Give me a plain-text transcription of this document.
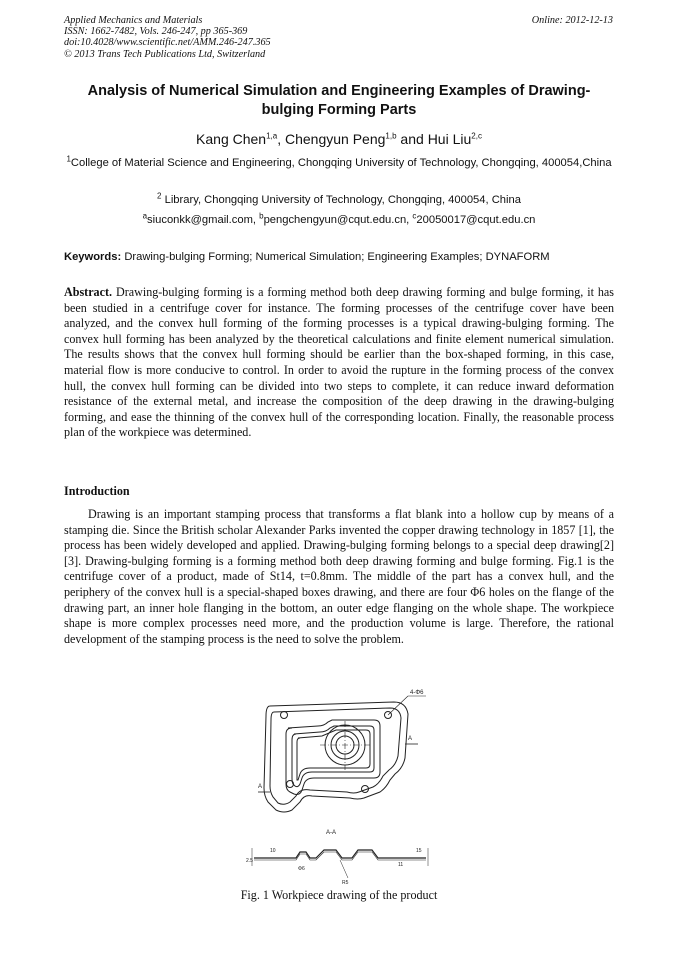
Applied Mechanics and Materials
ISSN: 1662-7482, Vols. 246-247, pp 365-369
doi:10.4028/www.scientific.net/AMM.246-247.365
© 2013 Trans Tech Publications Ltd, Switzerland
Online: 2012-12-13
Analysis of Numerical Simulation and Engineering Examples of Drawing-bulging Forming Parts
Kang Chen$^{1,a}$, Chengyun Peng$^{1,b}$ and Hui Liu$^{2,c}$
$^1$College of Material Science and Engineering, Chongqing University of Technology, Chongqing, 400054,China
$^2$ Library, Chongqing University of Technology, Chongqing, 400054, China
$^a$siuconkk@gmail.com, $^b$pengchengyun@cqut.edu.cn, $^c$20050017@cqut.edu.cn
Keywords: Drawing-bulging Forming; Numerical Simulation; Engineering Examples; DYNAFORM
Abstract. Drawing-bulging forming is a forming method both deep drawing forming and bulge forming, it has been studied in a centrifuge cover for instance. The forming processes of the centrifuge cover have been analyzed, and the convex hull forming of the forming processes is a typical drawing-bulging forming. The convex hull forming has been analyzed by the theoretical calculations and finite element numerical simulation. The results shows that the convex hull forming should be earlier than the box-shaped forming, in this case, material flow is more conducive to control. In order to avoid the rupture in the forming process of the convex hull, the convex hull forming can be divided into two steps to complete, it can reduce inward deformation resistance of the external metal, and increase the composition of the deep drawing in the drawing-bulging forming, and ease the thinning of the convex hull of the corresponding location. Finally, the reasonable process plan of the workpiece was determined.
Introduction
Drawing is an important stamping process that transforms a flat blank into a hollow cup by means of a stamping die. Since the British scholar Alexander Parks invented the copper drawing technology in 1857 [1], the process has been widely developed and applied. Drawing-bulging forming belongs to a special deep drawing[2][3]. Drawing-bulging forming is a forming method both deep drawing forming and bulge forming. Fig.1 is the centrifuge cover of a product, made of St14, t=0.8mm. The middle of the part has a convex hull, and the periphery of the convex hull is a special-shaped boxes drawing, and there are four Φ6 holes on the flange of the drawing part, an inner hole flanging in the bottom, an outer edge flanging on the whole shape. The workpiece shape is more complex processes need more, and the production volume is large. Therefore, the rational development of the stamping process is the need to solve the problem.
4-Φ6
A
A
A-A
2.5
10
Φ6
15
11
R5
Fig. 1 Workpiece drawing of the product
